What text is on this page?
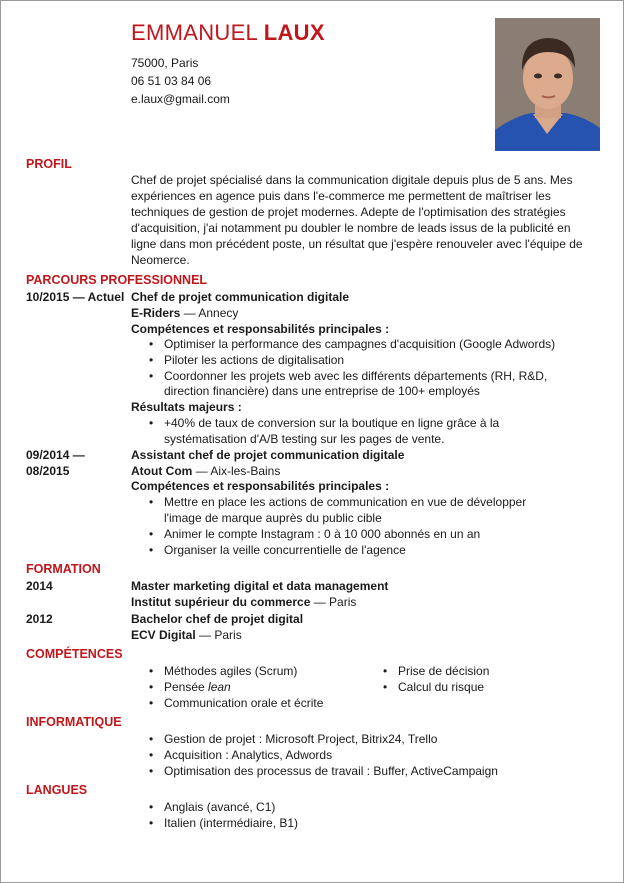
EMMANUEL LAUX
75000, Paris
06 51 03 84 06
e.laux@gmail.com
PROFIL
Chef de projet spécialisé dans la communication digitale depuis plus de 5 ans. Mes
expériences en agence puis dans l'e-commerce me permettent de maîtriser les
techniques de gestion de projet modernes. Adepte de l'optimisation des stratégies
d'acquisition, j'ai notamment pu doubler le nombre de leads issus de la publicité en
ligne dans mon précédent poste, un résultat que j'espère renouveler avec l'équipe de
Neomerce.
PARCOURS PROFESSIONNEL
10/2015 — Actuel Chef de projet communication digitale
E-Riders — Annecy
Compétences et responsabilités principales :
• Optimiser la performance des campagnes d'acquisition (Google Adwords)
• Piloter les actions de digitalisation
• Coordonner les projets web avec les différents départements (RH, R&D,
direction financière) dans une entreprise de 100+ employés
Résultats majeurs :
• +40% de taux de conversion sur la boutique en ligne grâce à la
systématisation d'A/B testing sur les pages de vente.
09/2014 —
08/2015
Assistant chef de projet communication digitale
Atout Com — Aix-les-Bains
Compétences et responsabilités principales :
• Mettre en place les actions de communication en vue de développer
l'image de marque auprès du public cible
• Animer le compte Instagram : 0 à 10 000 abonnés en un an
• Organiser la veille concurrentielle de l'agence
FORMATION
2014	Master marketing digital et data management
Institut supérieur du commerce — Paris
2012	Bachelor chef de projet digital
ECV Digital — Paris
COMPÉTENCES
• Méthodes agiles (Scrum)
• Pensée lean
• Communication orale et écrite
• Prise de décision
• Calcul du risque
INFORMATIQUE
• Gestion de projet : Microsoft Project, Bitrix24, Trello
• Acquisition : Analytics, Adwords
• Optimisation des processus de travail : Buffer, ActiveCampaign
LANGUES
• Anglais (avancé, C1)
• Italien (intermédiaire, B1)
